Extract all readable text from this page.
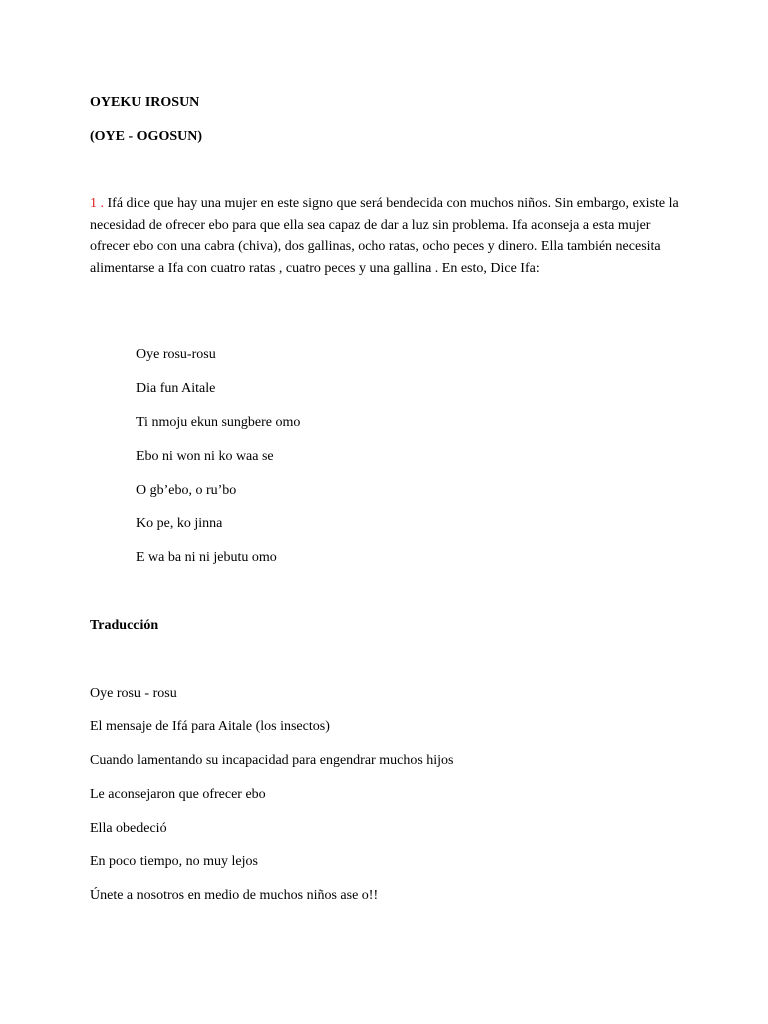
OYEKU IROSUN
(OYE - OGOSUN)
1 . Ifá dice que hay una mujer en este signo que será bendecida con muchos niños. Sin embargo, existe la necesidad de ofrecer ebo para que ella sea capaz de dar a luz sin problema. Ifa aconseja a esta mujer ofrecer ebo con una cabra (chiva), dos gallinas, ocho ratas, ocho peces y dinero. Ella también necesita alimentarse a Ifa con cuatro ratas , cuatro peces y una gallina . En esto, Dice Ifa:
Oye rosu-rosu
Dia fun Aitale
Ti nmoju ekun sungbere omo
Ebo ni won ni ko waa se
O gb’ebo, o ru’bo
Ko pe, ko jinna
E wa ba ni ni jebutu omo
Traducción
Oye rosu - rosu
El mensaje de Ifá para Aitale (los insectos)
Cuando lamentando su incapacidad para engendrar muchos hijos
Le aconsejaron que ofrecer ebo
Ella obedeció
En poco tiempo, no muy lejos
Únete a nosotros en medio de muchos niños ase o!!
